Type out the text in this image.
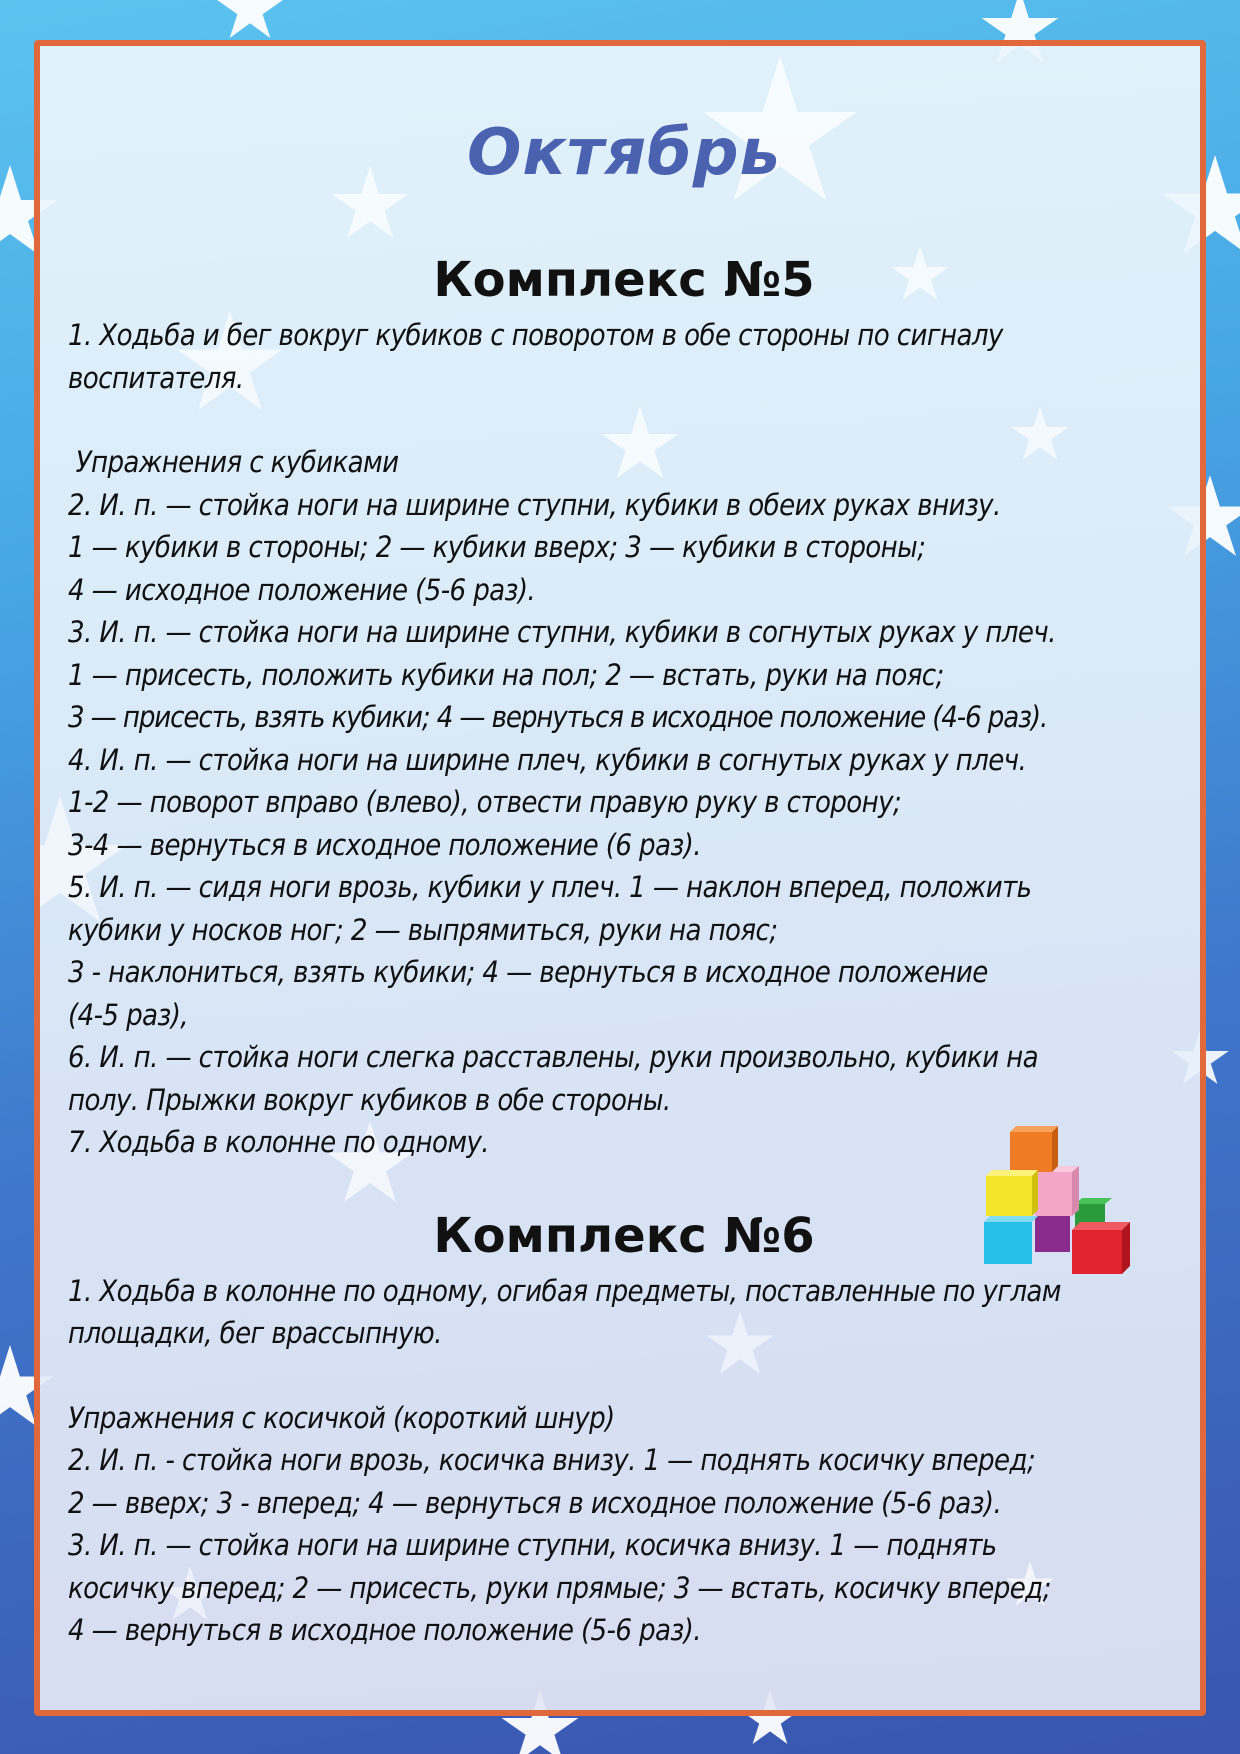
Октябрь
Комплекс №5
1. Ходьба и бег вокруг кубиков с поворотом в обе стороны по сигналу
воспитателя.
Упражнения с кубиками
2. И. п. — стойка ноги на ширине ступни, кубики в обеих руках внизу.
1 — кубики в стороны; 2 — кубики вверх; 3 — кубики в стороны;
4 — исходное положение (5-6 раз).
3. И. п. — стойка ноги на ширине ступни, кубики в согнутых руках у плеч.
1 — присесть, положить кубики на пол; 2 — встать, руки на пояс;
3 — присесть, взять кубики; 4 — вернуться в исходное положение (4-6 раз).
4. И. п. — стойка ноги на ширине плеч, кубики в согнутых руках у плеч.
1-2 — поворот вправо (влево), отвести правую руку в сторону;
3-4 — вернуться в исходное положение (6 раз).
5. И. п. — сидя ноги врозь, кубики у плеч. 1 — наклон вперед, положить
кубики у носков ног; 2 — выпрямиться, руки на пояс;
3 - наклониться, взять кубики; 4 — вернуться в исходное положение
(4-5 раз),
6. И. п. — стойка ноги слегка расставлены, руки произвольно, кубики на
полу. Прыжки вокруг кубиков в обе стороны.
7. Ходьба в колонне по одному.
Комплекс №6
1. Ходьба в колонне по одному, огибая предметы, поставленные по углам
площадки, бег врассыпную.
Упражнения с косичкой (короткий шнур)
2. И. п. - стойка ноги врозь, косичка внизу. 1 — поднять косичку вперед;
2 — вверх; 3 - вперед; 4 — вернуться в исходное положение (5-6 раз).
3. И. п. — стойка ноги на ширине ступни, косичка внизу. 1 — поднять
косичку вперед; 2 — присесть, руки прямые; 3 — встать, косичку вперед;
4 — вернуться в исходное положение (5-6 раз).
